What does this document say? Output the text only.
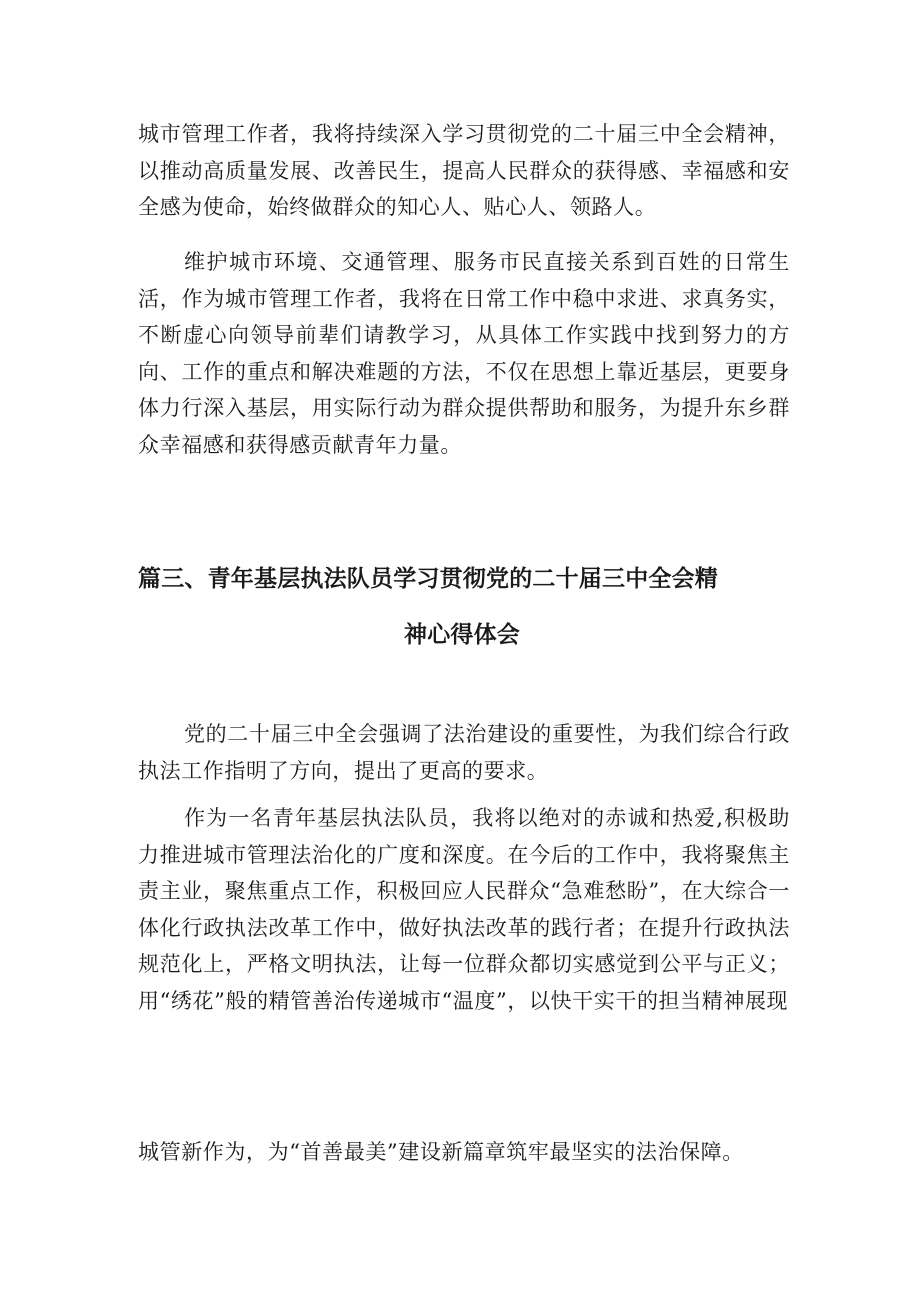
城市管理工作者，我将持续深入学习贯彻党的二十届三中全会精神，以推动高质量发展、改善民生，提高人民群众的获得感、幸福感和安全感为使命，始终做群众的知心人、贴心人、领路人。

维护城市环境、交通管理、服务市民直接关系到百姓的日常生活，作为城市管理工作者，我将在日常工作中稳中求进、求真务实，不断虚心向领导前辈们请教学习，从具体工作实践中找到努力的方向、工作的重点和解决难题的方法，不仅在思想上靠近基层，更要身体力行深入基层，用实际行动为群众提供帮助和服务，为提升东乡群众幸福感和获得感贡献青年力量。

篇三、青年基层执法队员学习贯彻党的二十届三中全会精
神心得体会

党的二十届三中全会强调了法治建设的重要性，为我们综合行政执法工作指明了方向，提出了更高的要求。

作为一名青年基层执法队员，我将以绝对的赤诚和热爱,积极助力推进城市管理法治化的广度和深度。在今后的工作中，我将聚焦主责主业，聚焦重点工作，积极回应人民群众“急难愁盼”，在大综合一体化行政执法改革工作中，做好执法改革的践行者；在提升行政执法规范化上，严格文明执法，让每一位群众都切实感觉到公平与正义；用“绣花”般的精管善治传递城市“温度”，以快干实干的担当精神展现

城管新作为，为“首善最美”建设新篇章筑牢最坚实的法治保障。
